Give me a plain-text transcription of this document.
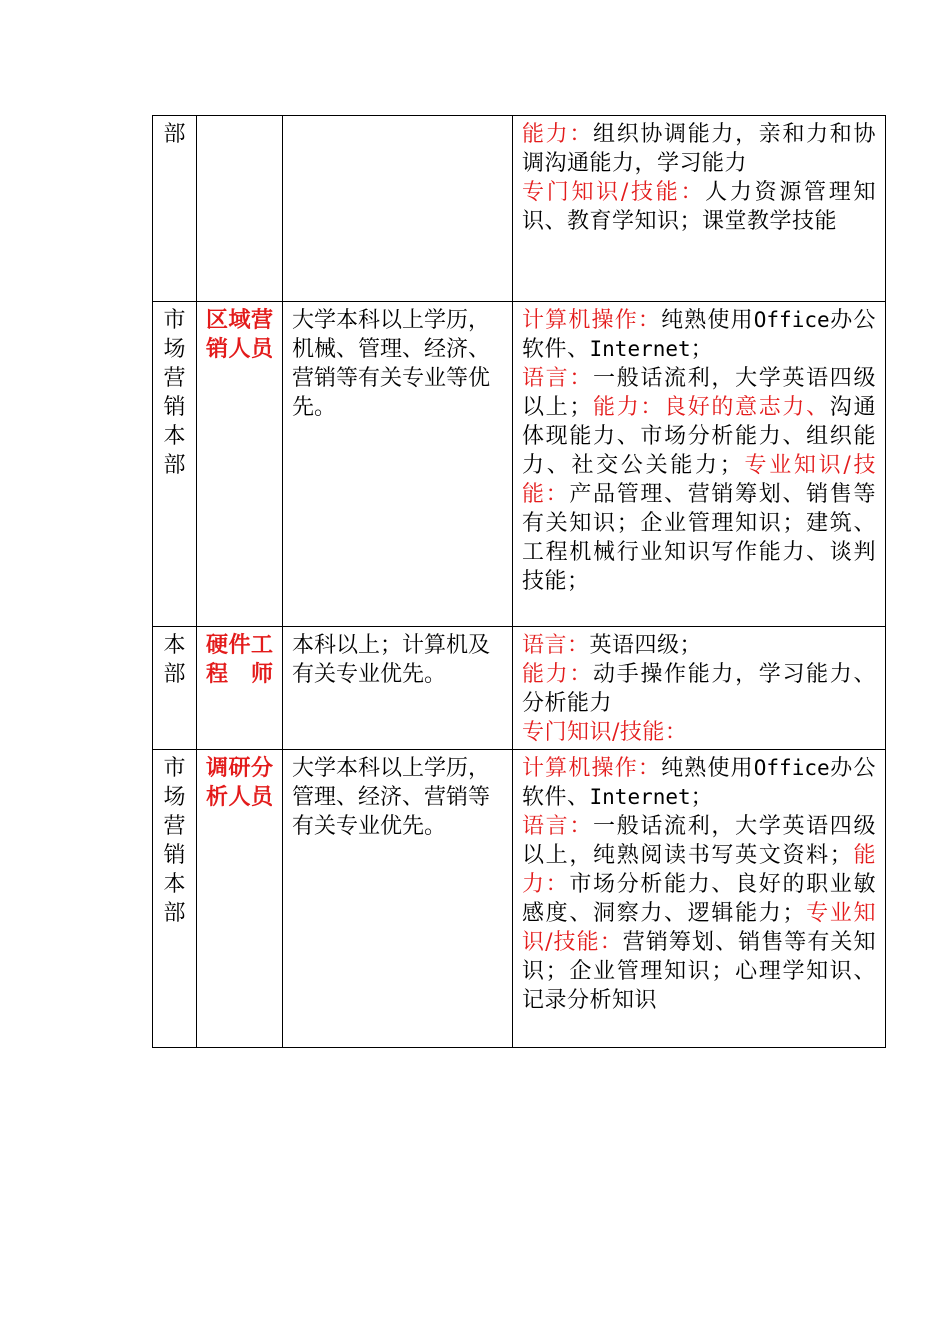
部			能力：组织协调能力，亲和力和协调沟通能力，学习能力
专门知识/技能：人力资源管理知识、教育学知识；课堂教学技能
市场营销本部	区域营销人员	大学本科以上学历，机械、管理、经济、营销等有关专业等优先。	计算机操作：纯熟使用Office办公软件、Internet；
语言：一般话流利，大学英语四级以上；能力：良好的意志力、沟通体现能力、市场分析能力、组织能力、社交公关能力；专业知识/技能：产品管理、营销筹划、销售等有关知识；企业管理知识；建筑、工程机械行业知识写作能力、谈判技能；
本部	硬件工程师	本科以上；计算机及有关专业优先。	语言：英语四级；
能力：动手操作能力，学习能力、分析能力
专门知识/技能：
市场营销本部	调研分析人员	大学本科以上学历，管理、经济、营销等有关专业优先。	计算机操作：纯熟使用Office办公软件、Internet；
语言：一般话流利，大学英语四级以上，纯熟阅读书写英文资料；能力：市场分析能力、良好的职业敏感度、洞察力、逻辑能力；专业知识/技能：营销筹划、销售等有关知识；企业管理知识；心理学知识、记录分析知识
